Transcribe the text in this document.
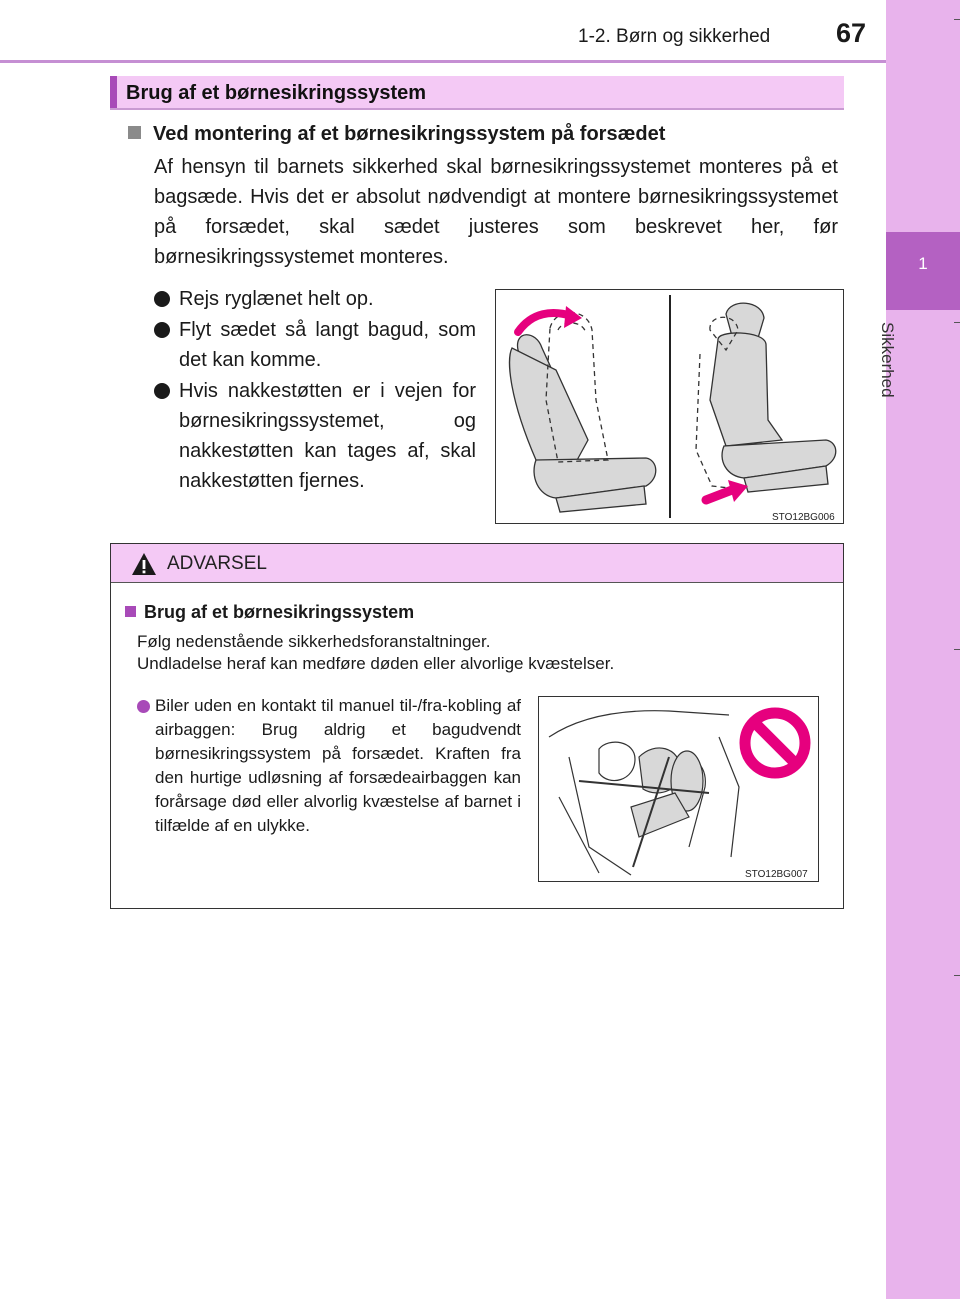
1-2. Børn og sikkerhed 67
1
Sikkerhed
Brug af et børnesikringssystem
Ved montering af et børnesikringssystem på forsædet
Af hensyn til barnets sikkerhed skal børnesikringssystemet monteres på et bagsæde. Hvis det er absolut nødvendigt at montere børnesikringssystemet på forsædet, skal sædet justeres som beskrevet her, før børnesikringssystemet monteres.
Rejs ryglænet helt op.
Flyt sædet så langt bagud, som det kan komme.
Hvis nakkestøtten er i vejen for børnesikringssystemet, og nakkestøtten kan tages af, skal nakkestøtten fjernes.
STO12BG006
ADVARSEL
Brug af et børnesikringssystem
Følg nedenstående sikkerhedsforanstaltninger.
Undladelse heraf kan medføre døden eller alvorlige kvæstelser.
Biler uden en kontakt til manuel til-/fra-kobling af airbaggen: Brug aldrig et bagudvendt børnesikringssystem på forsædet. Kraften fra den hurtige udløsning af forsædeairbaggen kan forårsage død eller alvorlig kvæstelse af barnet i tilfælde af en ulykke.
STO12BG007
